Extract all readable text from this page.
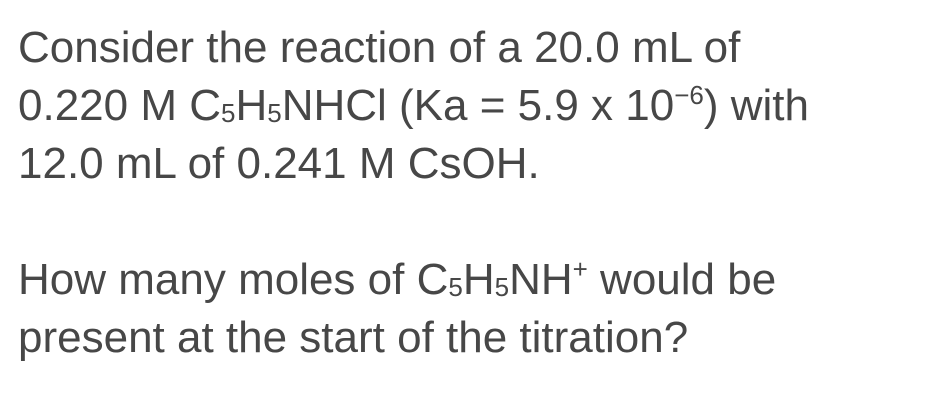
Consider the reaction of a 20.0 mL of
0.220 M C5H5NHCl (Ka = 5.9 x $10^{-6}$) with
12.0 mL of 0.241 M CsOH.

How many moles of C5H5NH+ would be
present at the start of the titration?
